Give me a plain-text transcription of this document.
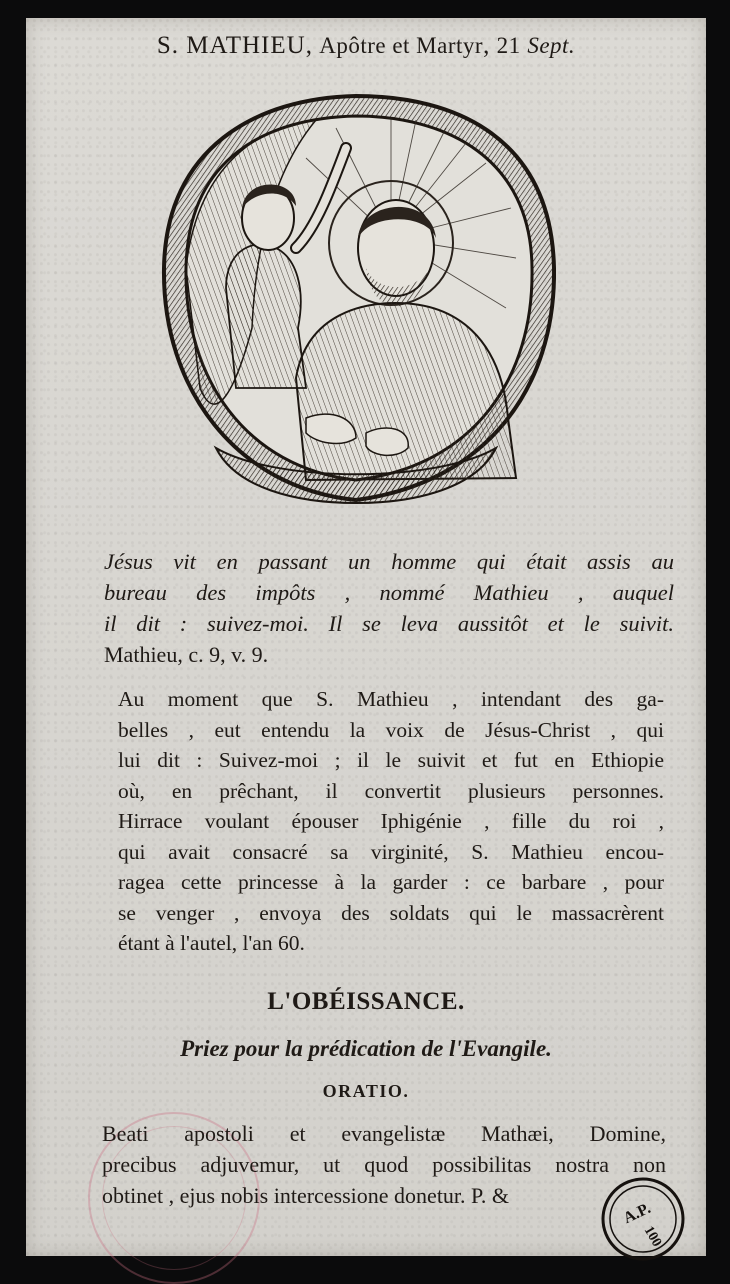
S. MATHIEU, Apôtre et Martyr, 21 Sept.
Jésus vit en passant un homme qui était assis au
bureau des impôts , nommé Mathieu , auquel
il dit : suivez-moi. Il se leva aussitôt et le suivit.
Mathieu, c. 9, v. 9.
Au moment que S. Mathieu , intendant des ga-
belles , eut entendu la voix de Jésus-Christ , qui
lui dit : Suivez-moi ; il le suivit et fut en Ethiopie
où, en prêchant, il convertit plusieurs personnes.
Hirrace voulant épouser Iphigénie , fille du roi ,
qui avait consacré sa virginité, S. Mathieu encou-
ragea cette princesse à la garder : ce barbare , pour
se venger , envoya des soldats qui le massacrèrent
étant à l'autel, l'an 60.
L'OBÉISSANCE.
Priez pour la prédication de l'Evangile.
ORATIO.
Beati apostoli et evangelistæ Mathæi, Domine,
precibus adjuvemur, ut quod possibilitas nostra non
obtinet , ejus nobis intercessione donetur. P. &
A.P.
100
